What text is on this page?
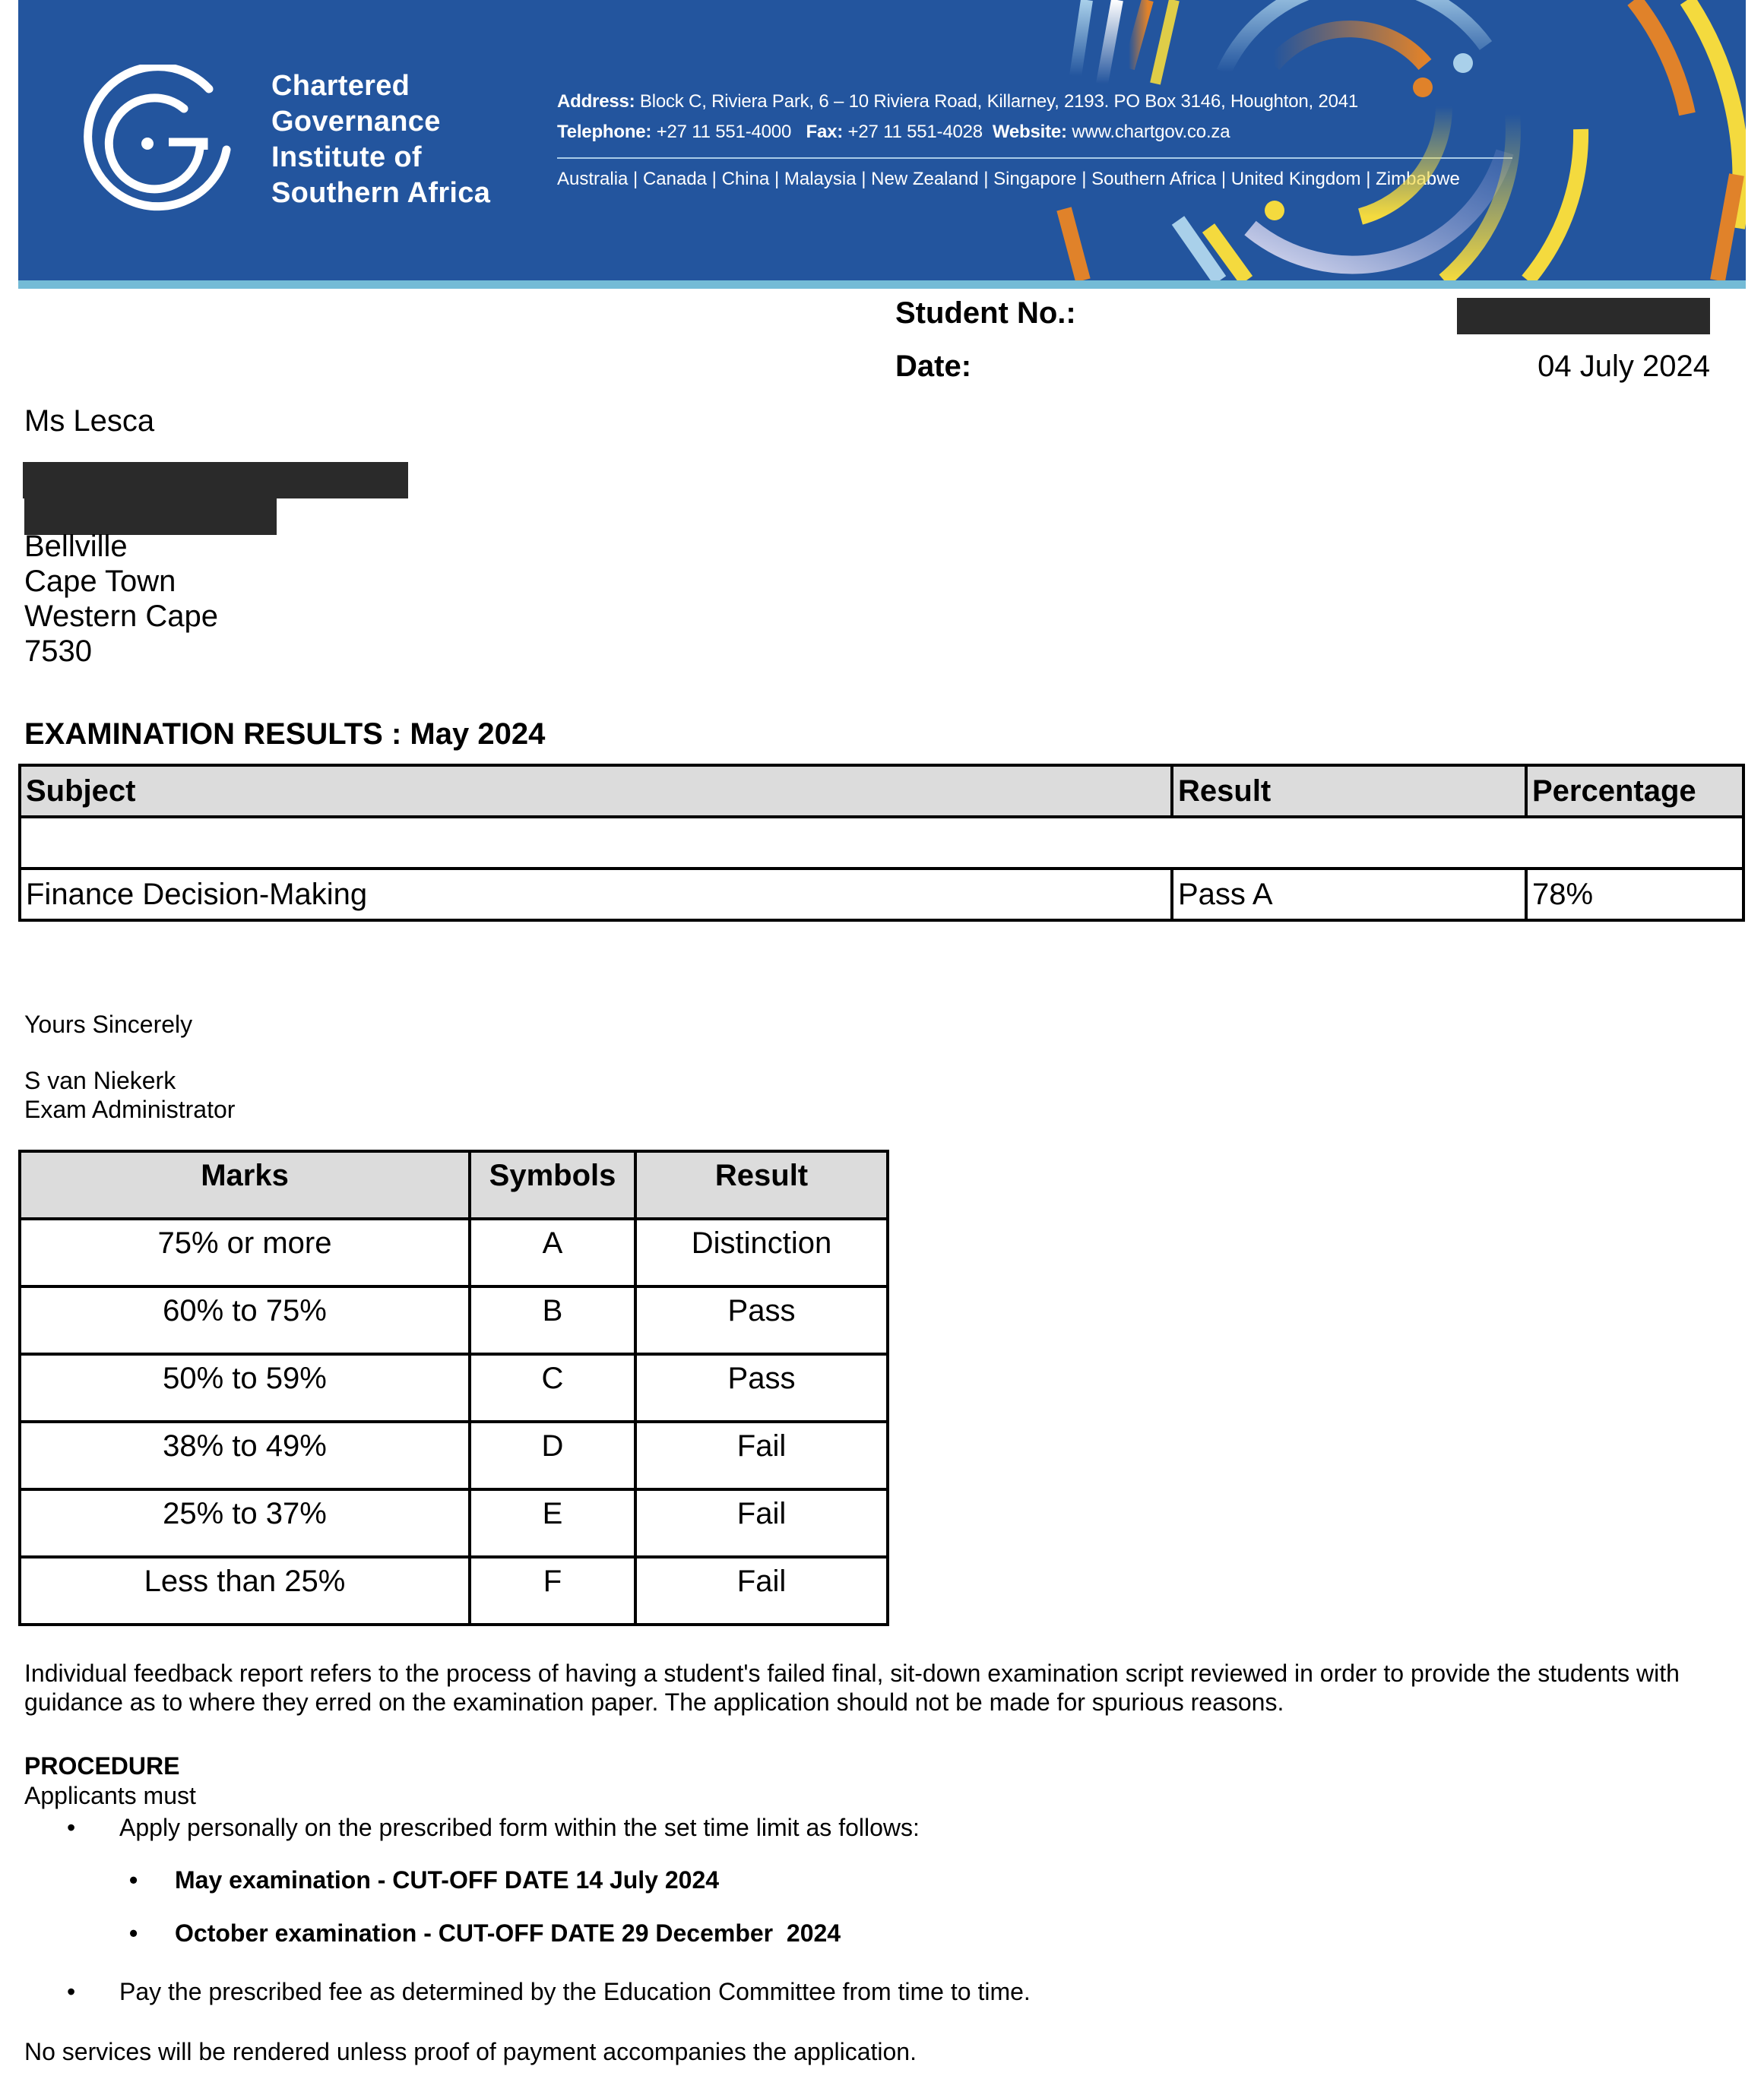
Chartered
Governance
Institute of
Southern Africa
Address: Block C, Riviera Park, 6 – 10 Riviera Road, Killarney, 2193. PO Box 3146, Houghton, 2041
Telephone: +27 11 551-4000 Fax: +27 11 551-4028 Website: www.chartgov.co.za
Australia | Canada | China | Malaysia | New Zealand | Singapore | Southern Africa | United Kingdom | Zimbabwe
Student No.:
Date:	04 July 2024
Ms Lesca
Bellville
Cape Town
Western Cape
7530
EXAMINATION RESULTS : May 2024
Subject	Result	Percentage

Finance Decision-Making	Pass A	78%
Yours Sincerely
S van Niekerk
Exam Administrator
Marks	Symbols	Result
75% or more	A	Distinction
60% to 75%	B	Pass
50% to 59%	C	Pass
38% to 49%	D	Fail
25% to 37%	E	Fail
Less than 25%	F	Fail
Individual feedback report refers to the process of having a student's failed final, sit-down examination script reviewed in order to provide the students with guidance as to where they erred on the examination paper. The application should not be made for spurious reasons.
PROCEDURE
Applicants must
• Apply personally on the prescribed form within the set time limit as follows:
• May examination - CUT-OFF DATE 14 July 2024
• October examination - CUT-OFF DATE 29 December  2024
• Pay the prescribed fee as determined by the Education Committee from time to time.
No services will be rendered unless proof of payment accompanies the application.
